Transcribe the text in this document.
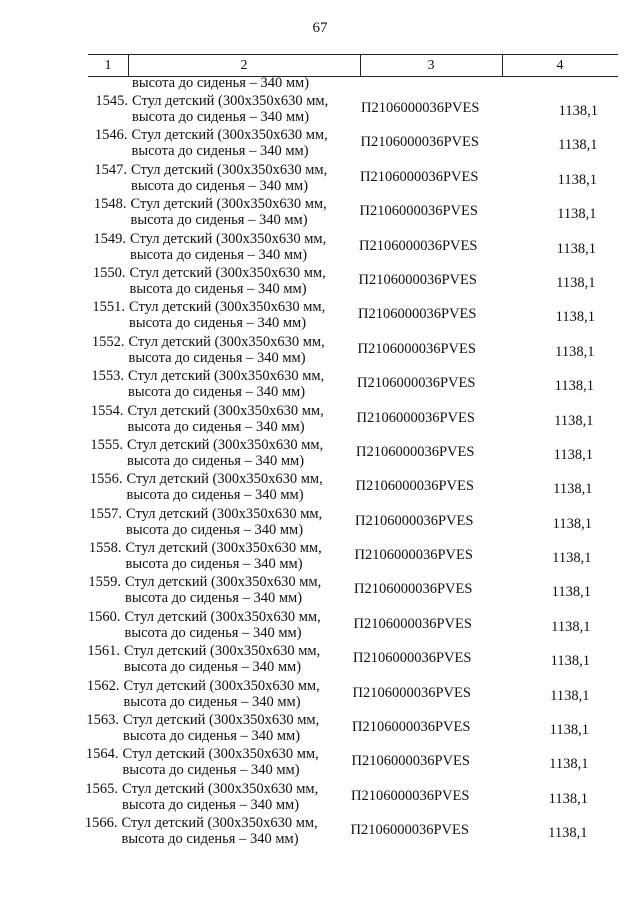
67
1	2	3	4
высота до сиденья – 340 мм)
1545. Стул детский (300х350х630 мм,
высота до сиденья – 340 мм)
П2106000036PVES	1138,1
1546. Стул детский (300х350х630 мм,
высота до сиденья – 340 мм)
П2106000036PVES	1138,1
1547. Стул детский (300х350х630 мм,
высота до сиденья – 340 мм)
П2106000036PVES	1138,1
1548. Стул детский (300х350х630 мм,
высота до сиденья – 340 мм)
П2106000036PVES	1138,1
1549. Стул детский (300х350х630 мм,
высота до сиденья – 340 мм)
П2106000036PVES	1138,1
1550. Стул детский (300х350х630 мм,
высота до сиденья – 340 мм)
П2106000036PVES	1138,1
1551. Стул детский (300х350х630 мм,
высота до сиденья – 340 мм)
П2106000036PVES	1138,1
1552. Стул детский (300х350х630 мм,
высота до сиденья – 340 мм)
П2106000036PVES	1138,1
1553. Стул детский (300х350х630 мм,
высота до сиденья – 340 мм)
П2106000036PVES	1138,1
1554. Стул детский (300х350х630 мм,
высота до сиденья – 340 мм)
П2106000036PVES	1138,1
1555. Стул детский (300х350х630 мм,
высота до сиденья – 340 мм)
П2106000036PVES	1138,1
1556. Стул детский (300х350х630 мм,
высота до сиденья – 340 мм)
П2106000036PVES	1138,1
1557. Стул детский (300х350х630 мм,
высота до сиденья – 340 мм)
П2106000036PVES	1138,1
1558. Стул детский (300х350х630 мм,
высота до сиденья – 340 мм)
П2106000036PVES	1138,1
1559. Стул детский (300х350х630 мм,
высота до сиденья – 340 мм)
П2106000036PVES	1138,1
1560. Стул детский (300х350х630 мм,
высота до сиденья – 340 мм)
П2106000036PVES	1138,1
1561. Стул детский (300х350х630 мм,
высота до сиденья – 340 мм)
П2106000036PVES	1138,1
1562. Стул детский (300х350х630 мм,
высота до сиденья – 340 мм)
П2106000036PVES	1138,1
1563. Стул детский (300х350х630 мм,
высота до сиденья – 340 мм)
П2106000036PVES	1138,1
1564. Стул детский (300х350х630 мм,
высота до сиденья – 340 мм)
П2106000036PVES	1138,1
1565. Стул детский (300х350х630 мм,
высота до сиденья – 340 мм)
П2106000036PVES	1138,1
1566. Стул детский (300х350х630 мм,
высота до сиденья – 340 мм)
П2106000036PVES	1138,1
